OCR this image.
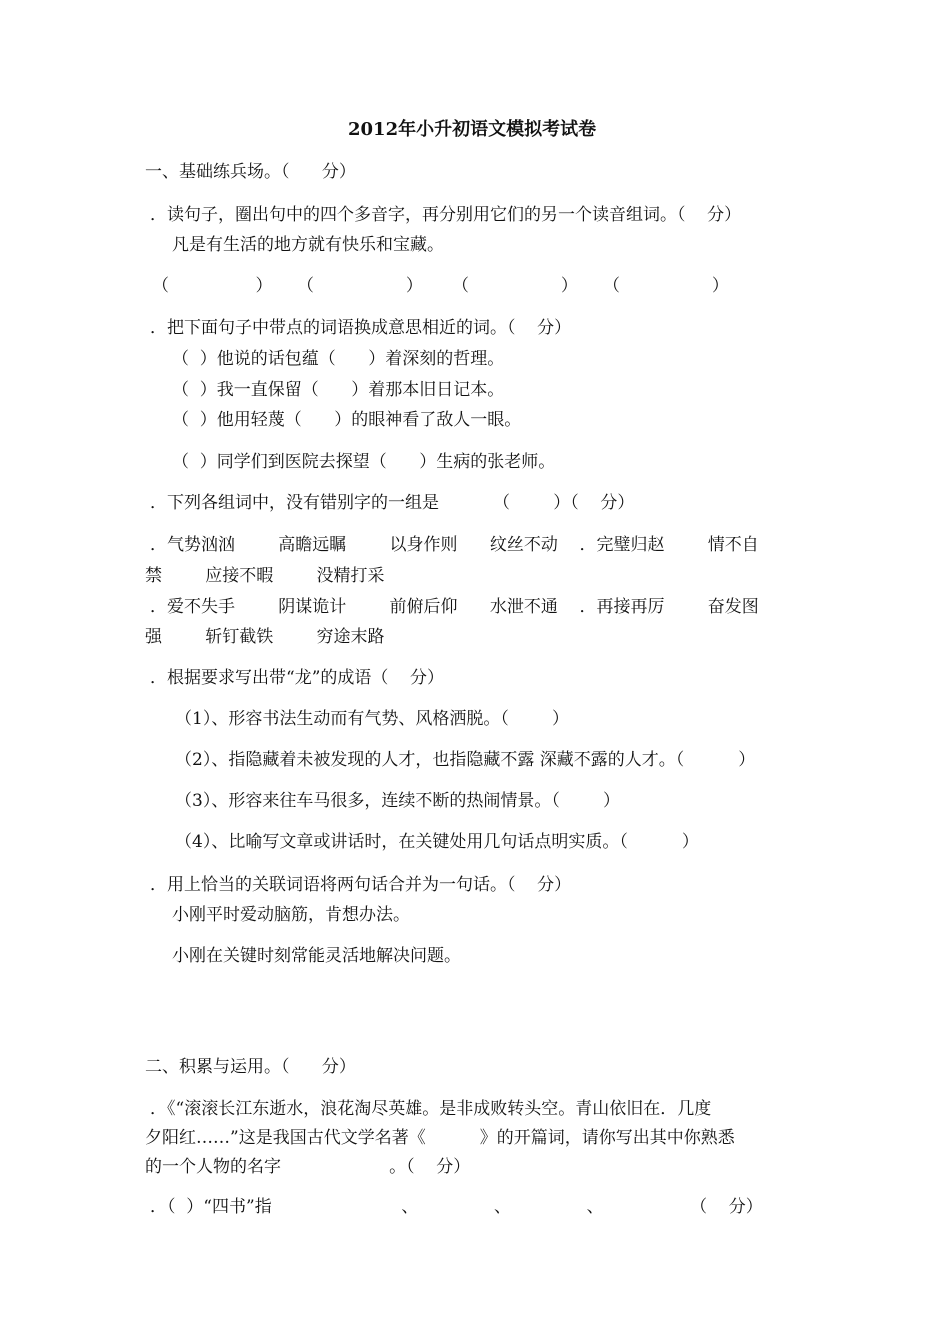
2012年小升初语文模拟考试卷
一、基础练兵场。（      分）
．读句子，圈出句中的四个多音字，再分别用它们的另一个读音组词。（    分）
凡是有生活的地方就有快乐和宝藏。
（                ） （                 ） （                 ） （                 ）
．把下面句子中带点的词语换成意思相近的词。（    分）
（  ）他说的话包蕴（      ）着深刻的哲理。
（  ）我一直保留（      ）着那本旧日记本。
（  ）他用轻蔑（      ）的眼神看了敌人一眼。
（  ）同学们到医院去探望（      ）生病的张老师。
．下列各组词中，没有错别字的一组是          （        ）（    分）
．气势汹汹        高瞻远瞩        以身作则      纹丝不动    ．完璧归赵        情不自
禁        应接不暇        没精打采
．爱不失手        阴谋诡计        前俯后仰      水泄不通    ．再接再厉        奋发图
强        斩钉截铁        穷途末路
．根据要求写出带“龙”的成语（    分）
（1）、形容书法生动而有气势、风格洒脱。（        ）
（2）、指隐藏着未被发现的人才，也指隐藏不露 深藏不露的人才。（          ）
（3）、形容来往车马很多，连续不断的热闹情景。（        ）
（4）、比喻写文章或讲话时，在关键处用几句话点明实质。（          ）
．用上恰当的关联词语将两句话合并为一句话。（    分）
小刚平时爱动脑筋，肯想办法。
小刚在关键时刻常能灵活地解决问题。
二、积累与运用。（      分）
．《“滚滚长江东逝水，浪花淘尽英雄。是非成败转头空。青山依旧在．几度
夕阳红……”这是我国古代文学名著《          》的开篇词，请你写出其中你熟悉
的一个人物的名字                    。（    分）
．（  ）“四书”指                        、              、              、                （    分）
